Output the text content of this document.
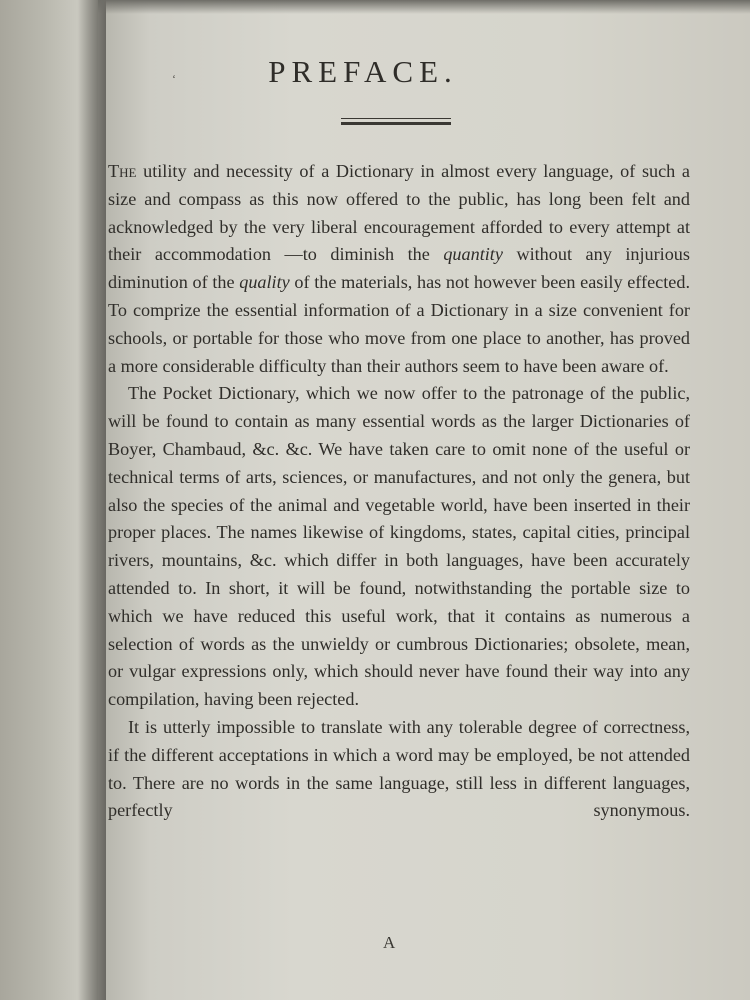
ʻ	PREFACE.

The utility and necessity of a Dictionary in almost every language, of such a size and compass as this now offered to the public, has long been felt and acknowledged by the very liberal encouragement afforded to every attempt at their accommodation —to diminish the quantity without any injurious diminution of the quality of the materials, has not however been easily effected. To comprize the essential information of a Dictionary in a size convenient for schools, or portable for those who move from one place to another, has proved a more considerable difficulty than their authors seem to have been aware of.

The Pocket Dictionary, which we now offer to the patronage of the public, will be found to contain as many essential words as the larger Dictionaries of Boyer, Chambaud, &c. &c. We have taken care to omit none of the useful or technical terms of arts, sciences, or manufactures, and not only the genera, but also the species of the animal and vegetable world, have been inserted in their proper places. The names likewise of kingdoms, states, capital cities, principal rivers, mountains, &c. which differ in both languages, have been accurately attended to. In short, it will be found, notwithstanding the portable size to which we have reduced this useful work, that it contains as numerous a selection of words as the unwieldy or cumbrous Dictionaries; obsolete, mean, or vulgar expressions only, which should never have found their way into any compilation, having been rejected.

It is utterly impossible to translate with any tolerable degree of correctness, if the different acceptations in which a word may be employed, be not attended to. There are no words in the same language, still less in different languages, perfectly synonymous.

A
